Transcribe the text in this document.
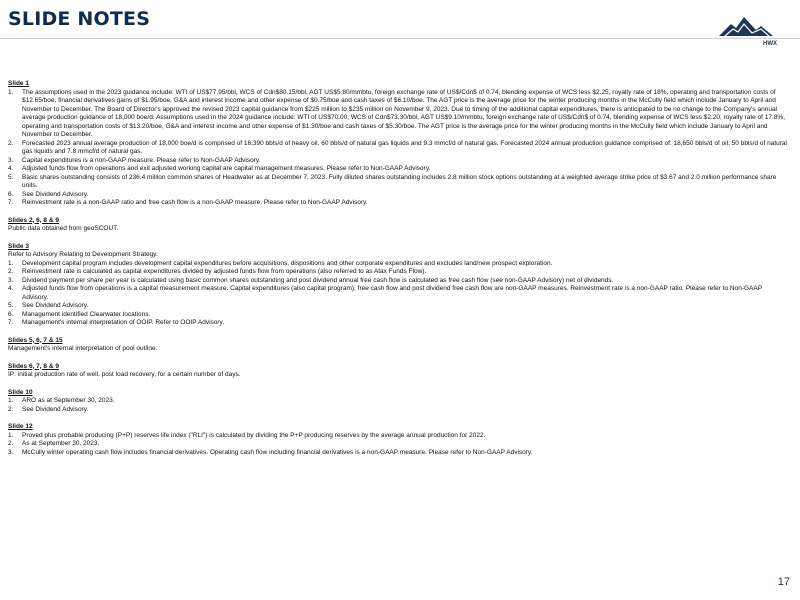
SLIDE NOTES
HWX
Slide 1
1.	The assumptions used in the 2023 guidance include: WTI of US$77.95/bbl, WCS of Cdn$80.15/bbl, AGT US$5.80/mmbtu, foreign exchange rate of US$/Cdn$ of 0.74, blending expense of WCS less $2.25, royalty rate of 18%, operating and transportation costs of $12.65/boe, financial derivatives gains of $1.95/boe, G&A and interest income and other expense of $0.75/boe and cash taxes of $6.10/boe. The AGT price is the average price for the winter producing months in the McCully field which include January to April and November to December. The Board of Director's approved the revised 2023 capital guidance from $225 million to $235 million on November 9, 2023. Due to timing of the additional capital expenditures, there is anticipated to be no change to the Company's annual average production guidance of 18,000 boe/d. Assumptions used in the 2024 guidance include: WTI of US$70.00, WCS of Cdn$73.30/bbl, AGT US$9.10/mmbtu, foreign exchange rate of US$/Cdn$ of 0.74, blending expense of WCS less $2.20, royalty rate of 17.8%, operating and transportation costs of $13.20/boe, G&A and interest income and other expense of $1.30/boe and cash taxes of $5.30/boe. The AGT price is the average price for the winter producing months in the McCully field which include January to April and November to December.
2.	Forecasted 2023 annual average production of 18,000 boe/d is comprised of 16,390 bbls/d of heavy oil, 60 bbls/d of natural gas liquids and 9.3 mmcf/d of natural gas. Forecasted 2024 annual production guidance comprised of: 18,650 bbls/d of oil, 50 bbls/d of natural gas liquids and 7.8 mmcf/d of natural gas.
3.	Capital expenditures is a non-GAAP measure. Please refer to Non-GAAP Advisory.
4.	Adjusted funds flow from operations and exit adjusted working capital are capital management measures. Please refer to Non-GAAP Advisory.
5.	Basic shares outstanding consists of 236.4 million common shares of Headwater as at December 7, 2023. Fully diluted shares outstanding includes 2.8 million stock options outstanding at a weighted average strike price of $3.67 and 2.0 million performance share units.
6.	See Dividend Advisory.
7.	Reinvestment rate is a non-GAAP ratio and free cash flow is a non-GAAP measure. Please refer to Non-GAAP Advisory.
Slides 2, 6, 8 & 9
Public data obtained from geoSCOUT.
Slide 3
Refer to Advisory Relating to Development Strategy.
1.	Development capital program includes development capital expenditures before acquisitions, dispositions and other corporate expenditures and excludes land/new prospect exploration.
2.	Reinvestment rate is calculated as capital expenditures divided by adjusted funds flow from operations (also referred to as Atax Funds Flow).
3.	Dividend payment per share per year is calculated using basic common shares outstanding and post dividend annual free cash flow is calculated as free cash flow (see non-GAAP Advisory) net of dividends.
4.	Adjusted funds flow from operations is a capital measurement measure. Capital expenditures (also capital program), free cash flow and post dividend free cash flow are non-GAAP measures. Reinvestment rate is a non-GAAP ratio. Please refer to Non-GAAP Advisory.
5.	See Dividend Advisory.
6.	Management identified Clearwater locations.
7.	Management's internal interpretation of OOIP. Refer to OOIP Advisory.
Slides 5, 6, 7 & 15
Management's internal interpretation of pool outline.
Slides 6, 7, 8 & 9
IP: initial production rate of well, post load recovery, for a certain number of days.
Slide 10
1.	ARO as at September 30, 2023.
2.	See Dividend Advisory.
Slide 12
1.	Proved plus probable producing (P+P) reserves life index ("RLI") is calculated by dividing the P+P producing reserves by the average annual production for 2022.
2.	As at September 30, 2023.
3.	McCully winter operating cash flow includes financial derivatives. Operating cash flow including financial derivatives is a non-GAAP measure. Please refer to Non-GAAP Advisory.
17
